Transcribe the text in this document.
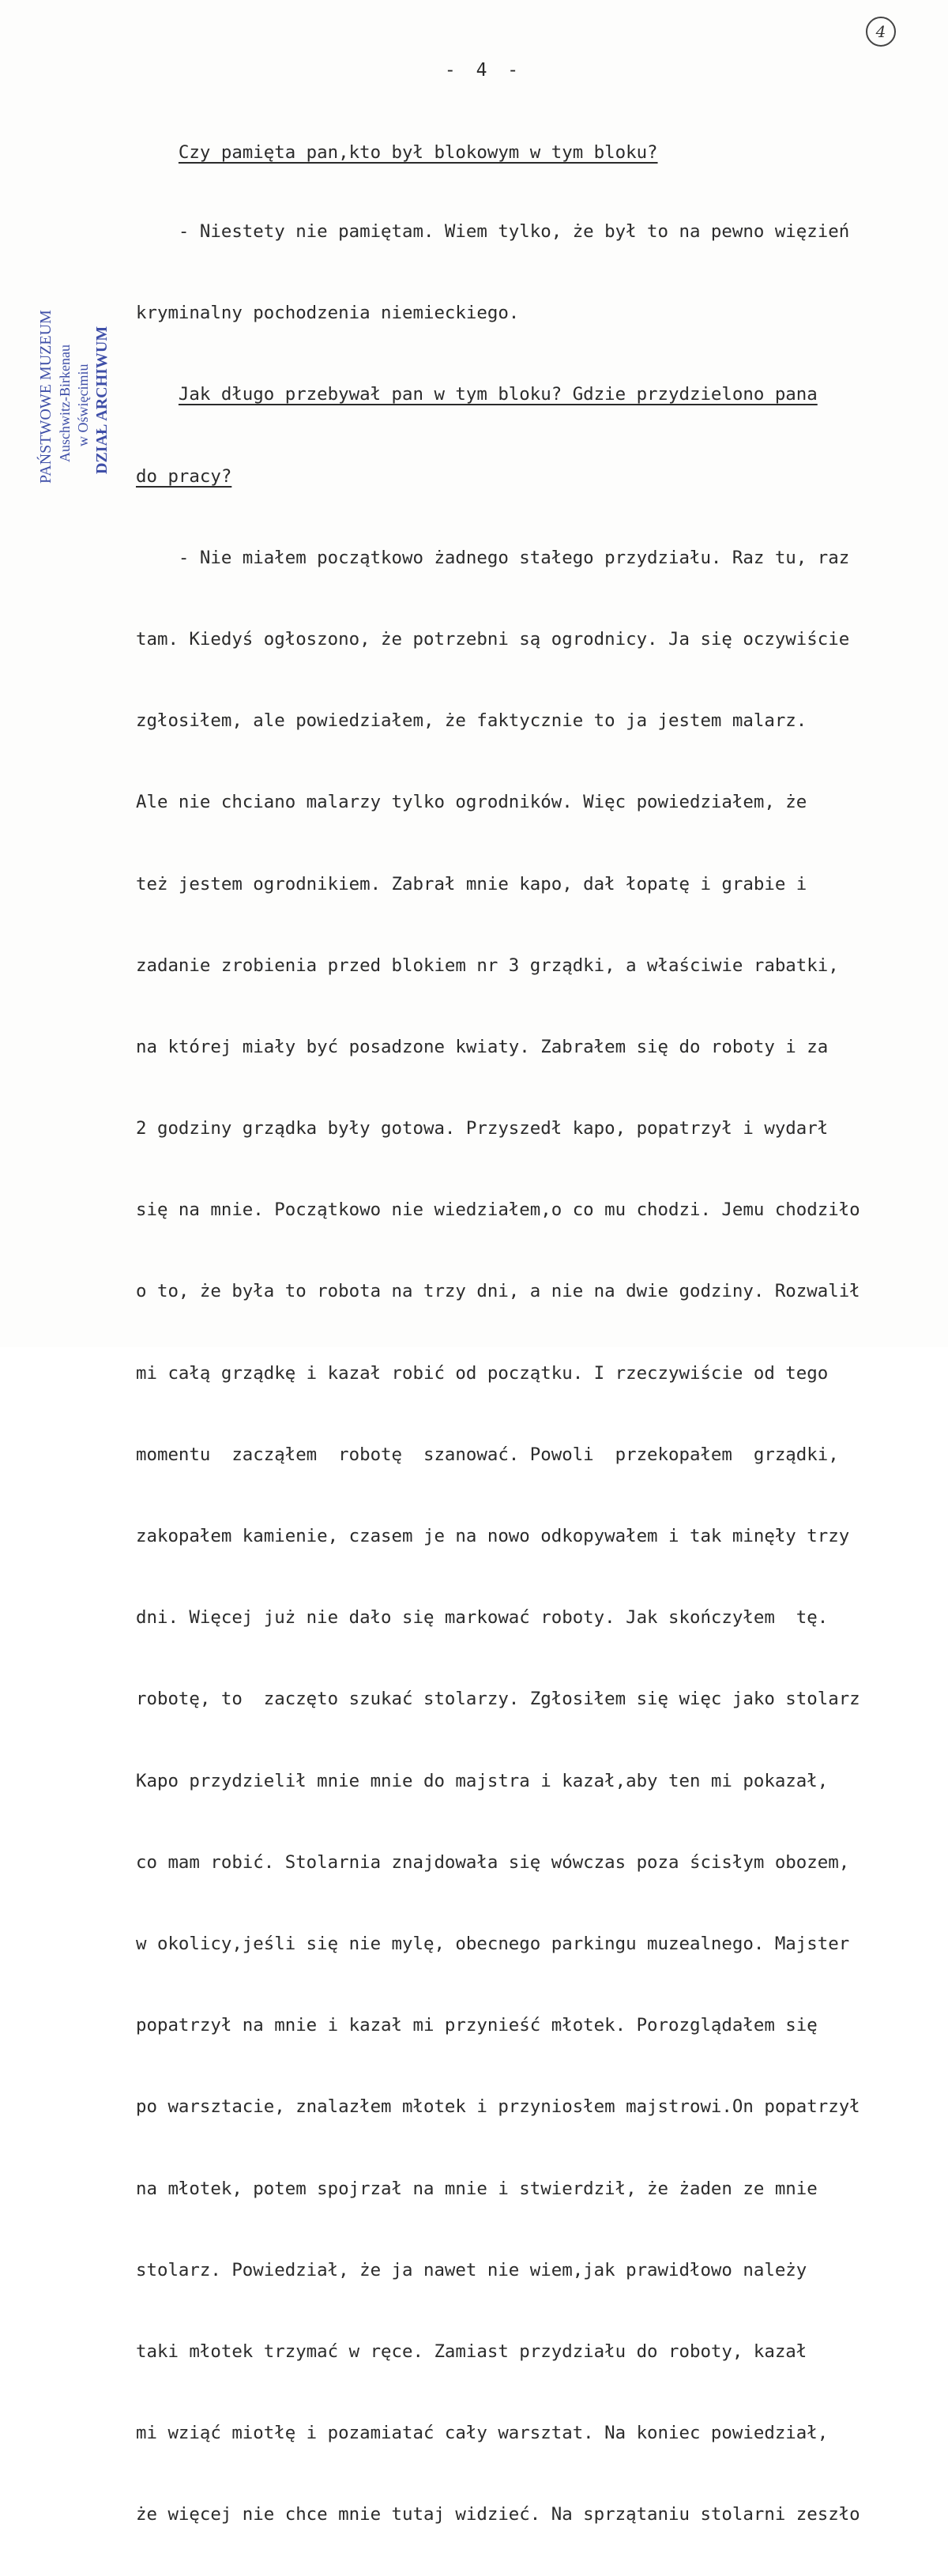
4
- 4 -
PAŃSTWOWE MUZEUM Auschwitz-Birkenau w Oświęcimiu DZIAŁ ARCHIWUM

Czy pamięta pan,kto był blokowym w tym bloku?

- Niestety nie pamiętam. Wiem tylko, że był to na pewno więzień

kryminalny pochodzenia niemieckiego.

Jak długo przebywał pan w tym bloku? Gdzie przydzielono pana

do pracy?

- Nie miałem początkowo żadnego stałego przydziału. Raz tu, raz

tam. Kiedyś ogłoszono, że potrzebni są ogrodnicy. Ja się oczywiście

zgłosiłem, ale powiedziałem, że faktycznie to ja jestem malarz.

Ale nie chciano malarzy tylko ogrodników. Więc powiedziałem, że

też jestem ogrodnikiem. Zabrał mnie kapo, dał łopatę i grabie i

zadanie zrobienia przed blokiem nr 3 grządki, a właściwie rabatki,

na której miały być posadzone kwiaty. Zabrałem się do roboty i za

2 godziny grządka były gotowa. Przyszedł kapo, popatrzył i wydarł

się na mnie. Początkowo nie wiedziałem,o co mu chodzi. Jemu chodziło

o to, że była to robota na trzy dni, a nie na dwie godziny. Rozwalił

mi całą grządkę i kazał robić od początku. I rzeczywiście od tego

momentu  zacząłem  robotę  szanować. Powoli  przekopałem  grządki,

zakopałem kamienie, czasem je na nowo odkopywałem i tak minęły trzy

dni. Więcej już nie dało się markować roboty. Jak skończyłem  tę.

robotę, to  zaczęto szukać stolarzy. Zgłosiłem się więc jako stolarz

Kapo przydzielił mnie mnie do majstra i kazał,aby ten mi pokazał,

co mam robić. Stolarnia znajdowała się wówczas poza ścisłym obozem,

w okolicy,jeśli się nie mylę, obecnego parkingu muzealnego. Majster

popatrzył na mnie i kazał mi przynieść młotek. Porozglądałem się

po warsztacie, znalazłem młotek i przyniosłem majstrowi.On popatrzył

na młotek, potem spojrzał na mnie i stwierdził, że żaden ze mnie

stolarz. Powiedział, że ja nawet nie wiem,jak prawidłowo należy

taki młotek trzymać w ręce. Zamiast przydziału do roboty, kazał

mi wziąć miotłę i pozamiatać cały warsztat. Na koniec powiedział,

że więcej nie chce mnie tutaj widzieć. Na sprzątaniu stolarni zeszło
